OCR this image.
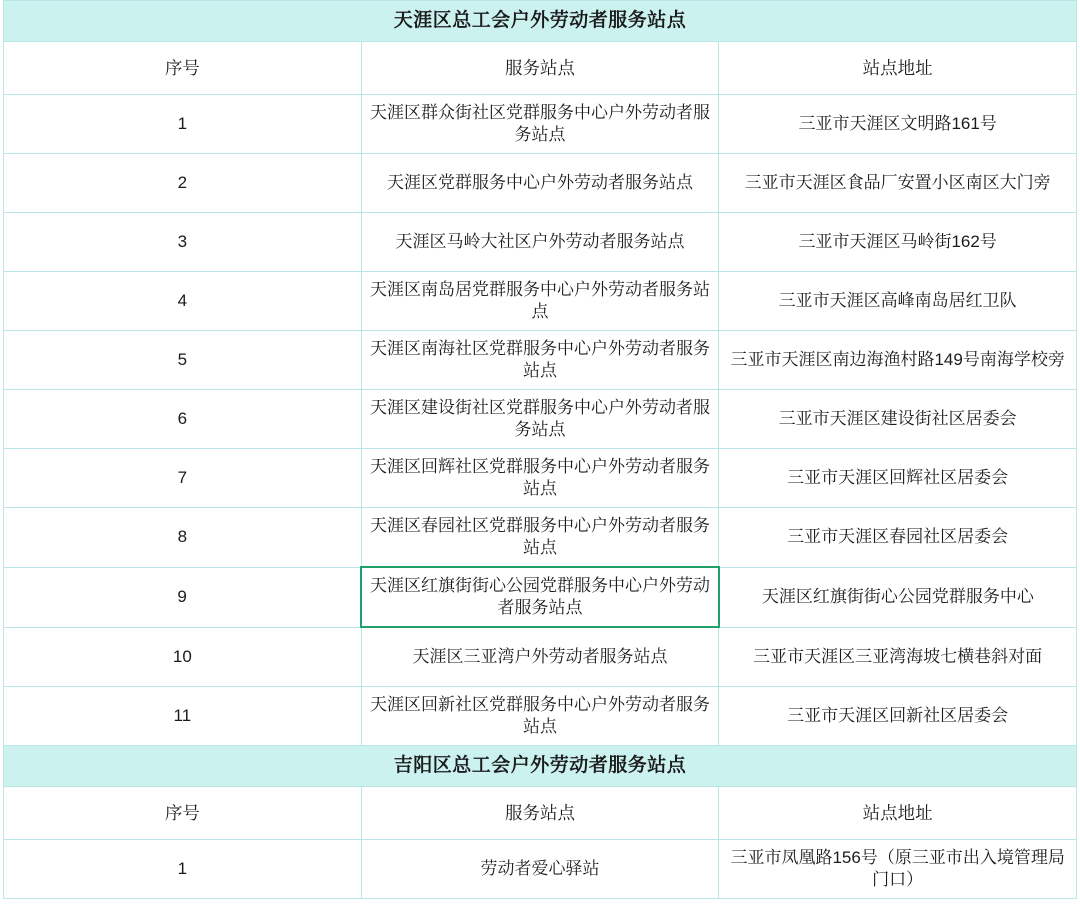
天涯区总工会户外劳动者服务站点		
序号	服务站点	站点地址
1	天涯区群众街社区党群服务中心户外劳动者服务站点	三亚市天涯区文明路161号
2	天涯区党群服务中心户外劳动者服务站点	三亚市天涯区食品厂安置小区南区大门旁
3	天涯区马岭大社区户外劳动者服务站点	三亚市天涯区马岭街162号
4	天涯区南岛居党群服务中心户外劳动者服务站点	三亚市天涯区高峰南岛居红卫队
5	天涯区南海社区党群服务中心户外劳动者服务站点	三亚市天涯区南边海渔村路149号南海学校旁
6	天涯区建设街社区党群服务中心户外劳动者服务站点	三亚市天涯区建设街社区居委会
7	天涯区回辉社区党群服务中心户外劳动者服务站点	三亚市天涯区回辉社区居委会
8	天涯区春园社区党群服务中心户外劳动者服务站点	三亚市天涯区春园社区居委会
9	天涯区红旗街街心公园党群服务中心户外劳动者服务站点	天涯区红旗街街心公园党群服务中心
10	天涯区三亚湾户外劳动者服务站点	三亚市天涯区三亚湾海坡七横巷斜对面
11	天涯区回新社区党群服务中心户外劳动者服务站点	三亚市天涯区回新社区居委会
吉阳区总工会户外劳动者服务站点		
序号	服务站点	站点地址
1	劳动者爱心驿站	三亚市凤凰路156号（原三亚市出入境管理局门口）
